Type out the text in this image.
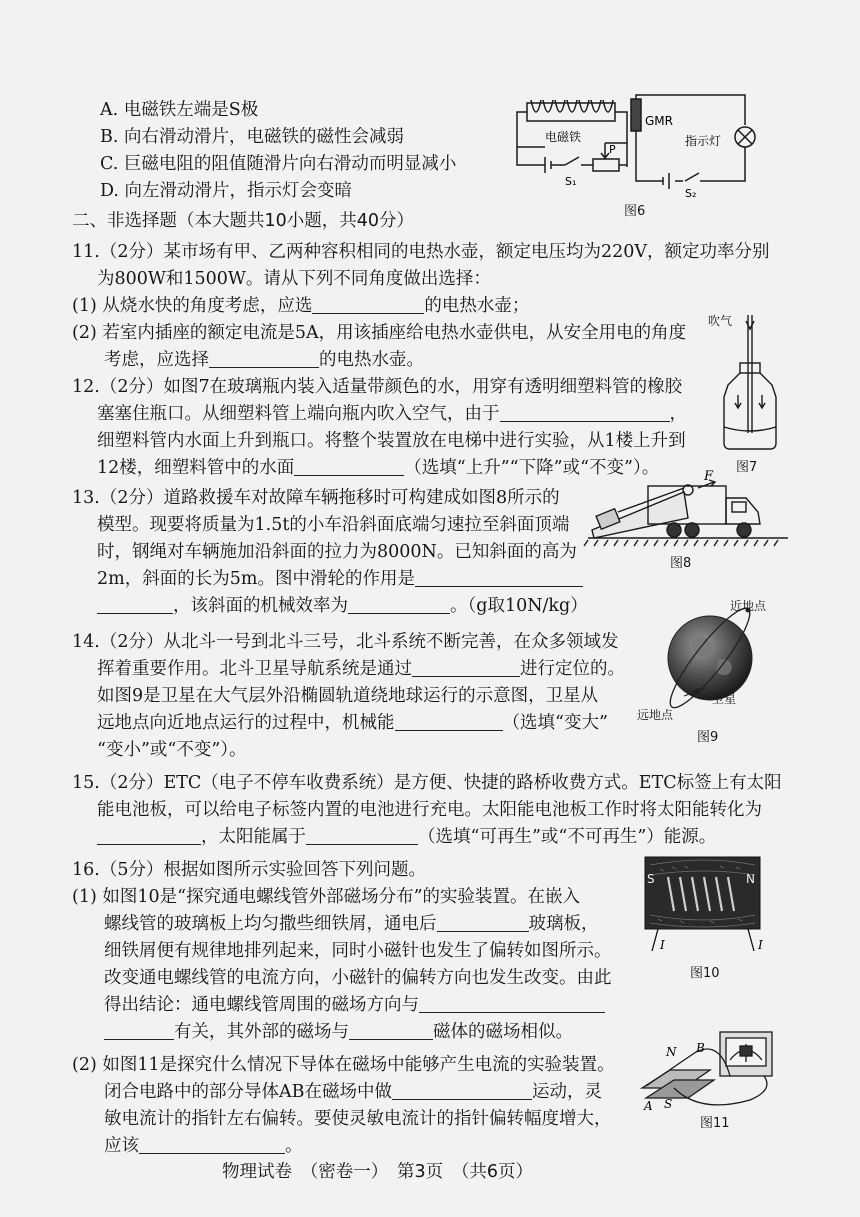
A. 电磁铁左端是S极
B. 向右滑动滑片，电磁铁的磁性会减弱
C. 巨磁电阻的阻值随滑片向右滑动而明显减小
D. 向左滑动滑片，指示灯会变暗
GMR
指示灯
电磁铁
P
S₁
S₂
图6
二、非选择题（本大题共10小题，共40分）
11.（2分）某市场有甲、乙两种容积相同的电热水壶，额定电压均为220V，额定功率分别
为800W和1500W。请从下列不同角度做出选择：
(1) 从烧水快的角度考虑，应选	的电热水壶；
(2) 若室内插座的额定电流是5A，用该插座给电热水壶供电，从安全用电的角度
考虑，应选择	的电热水壶。
吹气
图7
12.（2分）如图7在玻璃瓶内装入适量带颜色的水，用穿有透明细塑料管的橡胶
塞塞住瓶口。从细塑料管上端向瓶内吹入空气，由于	，
细塑料管内水面上升到瓶口。将整个装置放在电梯中进行实验，从1楼上升到
12楼，细塑料管中的水面	（选填“上升”“下降”或“不变”）。
13.（2分）道路救援车对故障车辆拖移时可构建成如图8所示的
模型。现要将质量为1.5t的小车沿斜面底端匀速拉至斜面顶端
时，钢绳对车辆施加沿斜面的拉力为8000N。已知斜面的高为
2m，斜面的长为5m。图中滑轮的作用是
，该斜面的机械效率为	。（g取10N/kg）
F
图8
14.（2分）从北斗一号到北斗三号，北斗系统不断完善，在众多领域发
挥着重要作用。北斗卫星导航系统是通过	进行定位的。
如图9是卫星在大气层外沿椭圆轨道绕地球运行的示意图，卫星从
远地点向近地点运行的过程中，机械能	（选填“变大”
“变小”或“不变”）。
近地点
远地点
卫星
图9
15.（2分）ETC（电子不停车收费系统）是方便、快捷的路桥收费方式。ETC标签上有太阳
能电池板，可以给电子标签内置的电池进行充电。太阳能电池板工作时将太阳能转化为
，太阳能属于	（选填“可再生”或“不可再生”）能源。
16.（5分）根据如图所示实验回答下列问题。
(1) 如图10是“探究通电螺线管外部磁场分布”的实验装置。在嵌入
螺线管的玻璃板上均匀撒些细铁屑，通电后	玻璃板，
细铁屑便有规律地排列起来，同时小磁针也发生了偏转如图所示。
改变通电螺线管的电流方向，小磁针的偏转方向也发生改变。由此
得出结论：通电螺线管周围的磁场方向与
有关，其外部的磁场与	磁体的磁场相似。
(2) 如图11是探究什么情况下导体在磁场中能够产生电流的实验装置。
闭合电路中的部分导体AB在磁场中做	运动，灵
敏电流计的指针左右偏转。要使灵敏电流计的指针偏转幅度增大，
应该	。
S	N
I	I
图10
N B
A S
图11
物理试卷　（密卷一）　第3页　（共6页）
